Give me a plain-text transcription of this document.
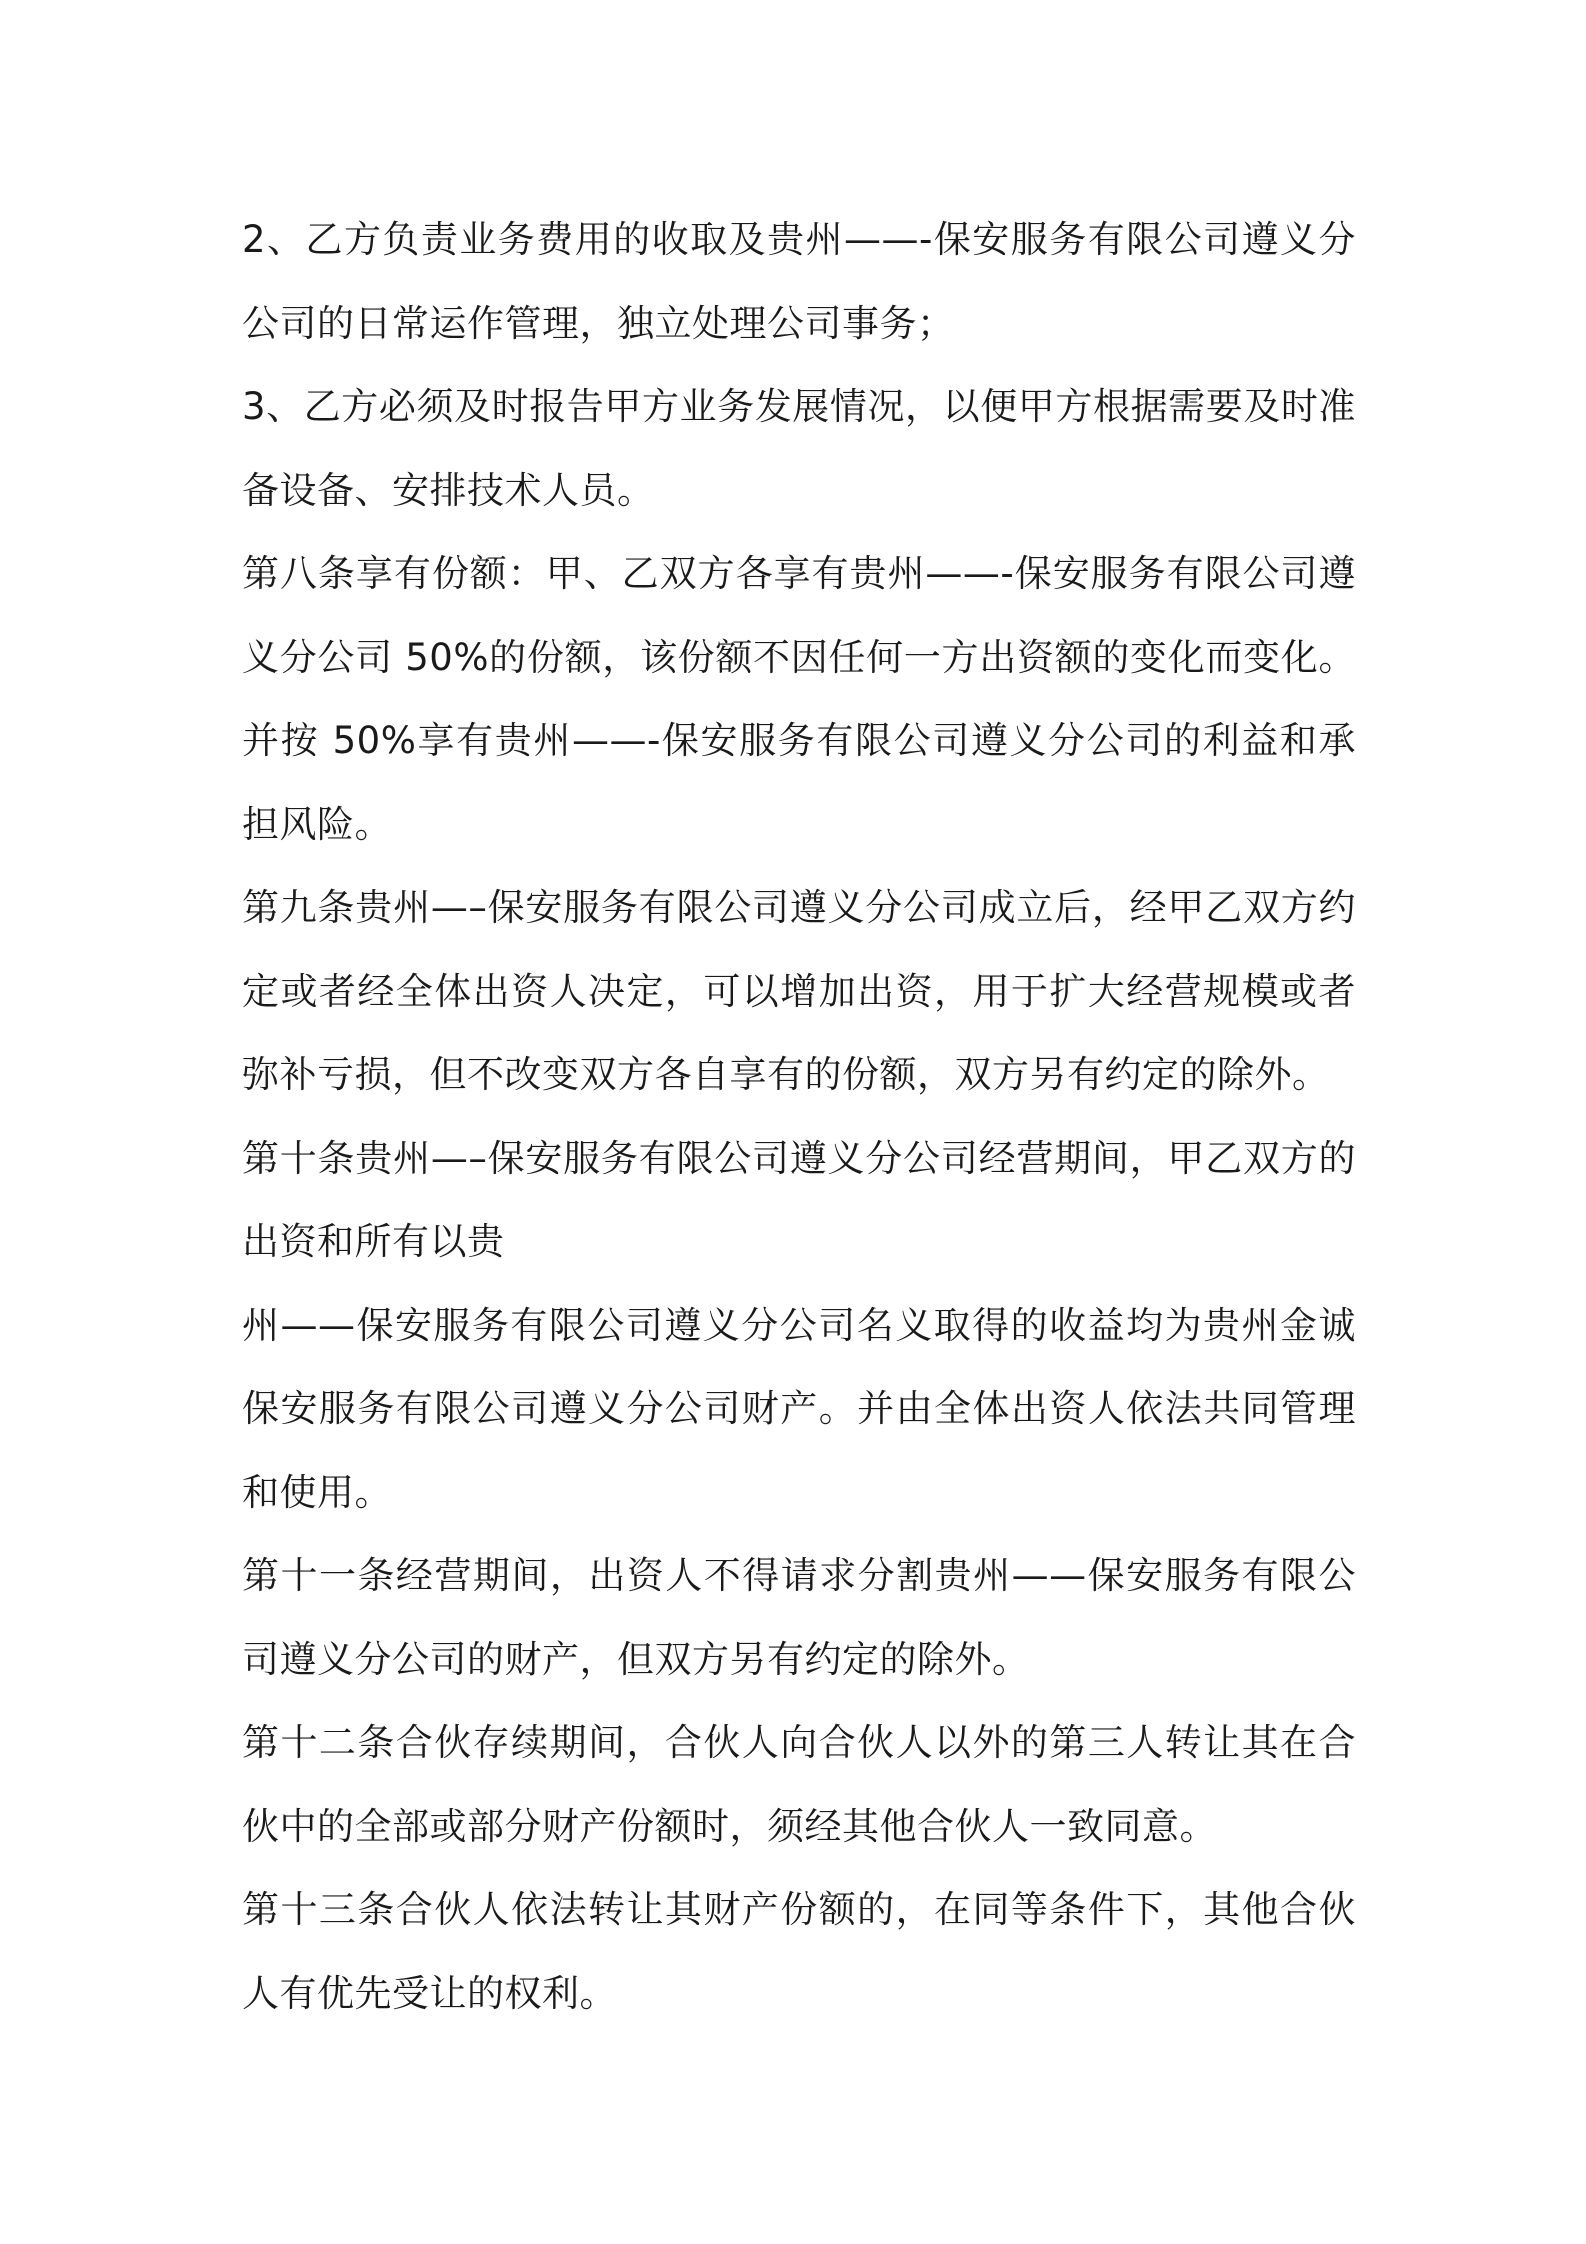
2、乙方负责业务费用的收取及贵州——-保安服务有限公司遵义分公司的日常运作管理，独立处理公司事务；

3、乙方必须及时报告甲方业务发展情况，以便甲方根据需要及时准备设备、安排技术人员。

第八条享有份额：甲、乙双方各享有贵州——-保安服务有限公司遵义分公司 50%的份额，该份额不因任何一方出资额的变化而变化。并按 50%享有贵州——-保安服务有限公司遵义分公司的利益和承担风险。

第九条贵州—–保安服务有限公司遵义分公司成立后，经甲乙双方约定或者经全体出资人决定，可以增加出资，用于扩大经营规模或者弥补亏损，但不改变双方各自享有的份额，双方另有约定的除外。

第十条贵州—–保安服务有限公司遵义分公司经营期间，甲乙双方的出资和所有以贵

州——保安服务有限公司遵义分公司名义取得的收益均为贵州金诚保安服务有限公司遵义分公司财产。并由全体出资人依法共同管理和使用。

第十一条经营期间，出资人不得请求分割贵州——保安服务有限公司遵义分公司的财产，但双方另有约定的除外。

第十二条合伙存续期间，合伙人向合伙人以外的第三人转让其在合伙中的全部或部分财产份额时，须经其他合伙人一致同意。

第十三条合伙人依法转让其财产份额的，在同等条件下，其他合伙人有优先受让的权利。
